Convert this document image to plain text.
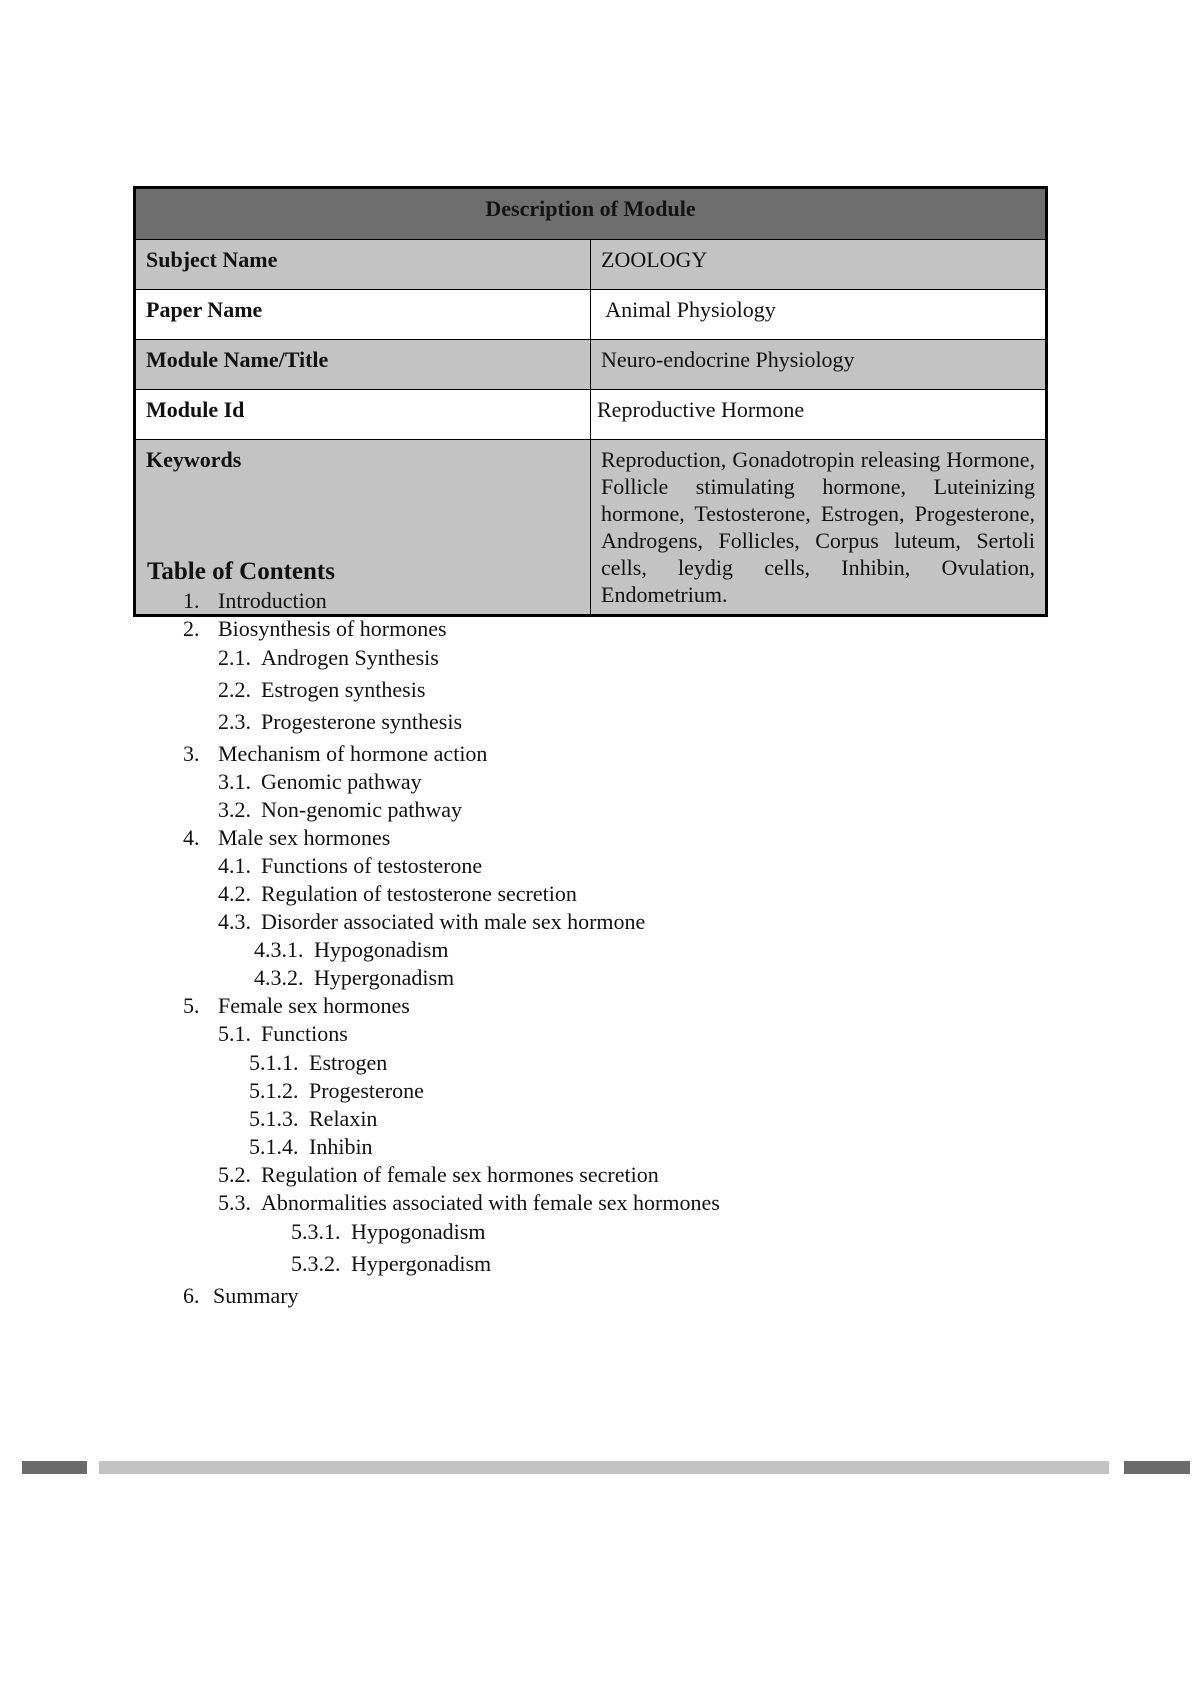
Description of Module	
Subject Name	ZOOLOGY
Paper Name	Animal Physiology
Module Name/Title	Neuro-endocrine Physiology
Module Id	Reproductive Hormone
Keywords	Reproduction, Gonadotropin releasing Hormone, Follicle stimulating hormone, Luteinizing hormone, Testosterone, Estrogen, Progesterone, Androgens, Follicles, Corpus luteum, Sertoli cells, leydig cells, Inhibin, Ovulation, Endometrium.
Table of Contents
1. Introduction
2. Biosynthesis of hormones
2.1. Androgen Synthesis
2.2. Estrogen synthesis
2.3. Progesterone synthesis
3. Mechanism of hormone action
3.1. Genomic pathway
3.2. Non-genomic pathway
4. Male sex hormones
4.1. Functions of testosterone
4.2. Regulation of testosterone secretion
4.3. Disorder associated with male sex hormone
4.3.1. Hypogonadism
4.3.2. Hypergonadism
5. Female sex hormones
5.1. Functions
5.1.1. Estrogen
5.1.2. Progesterone
5.1.3. Relaxin
5.1.4. Inhibin
5.2. Regulation of female sex hormones secretion
5.3. Abnormalities associated with female sex hormones
5.3.1. Hypogonadism
5.3.2. Hypergonadism
6. Summary
